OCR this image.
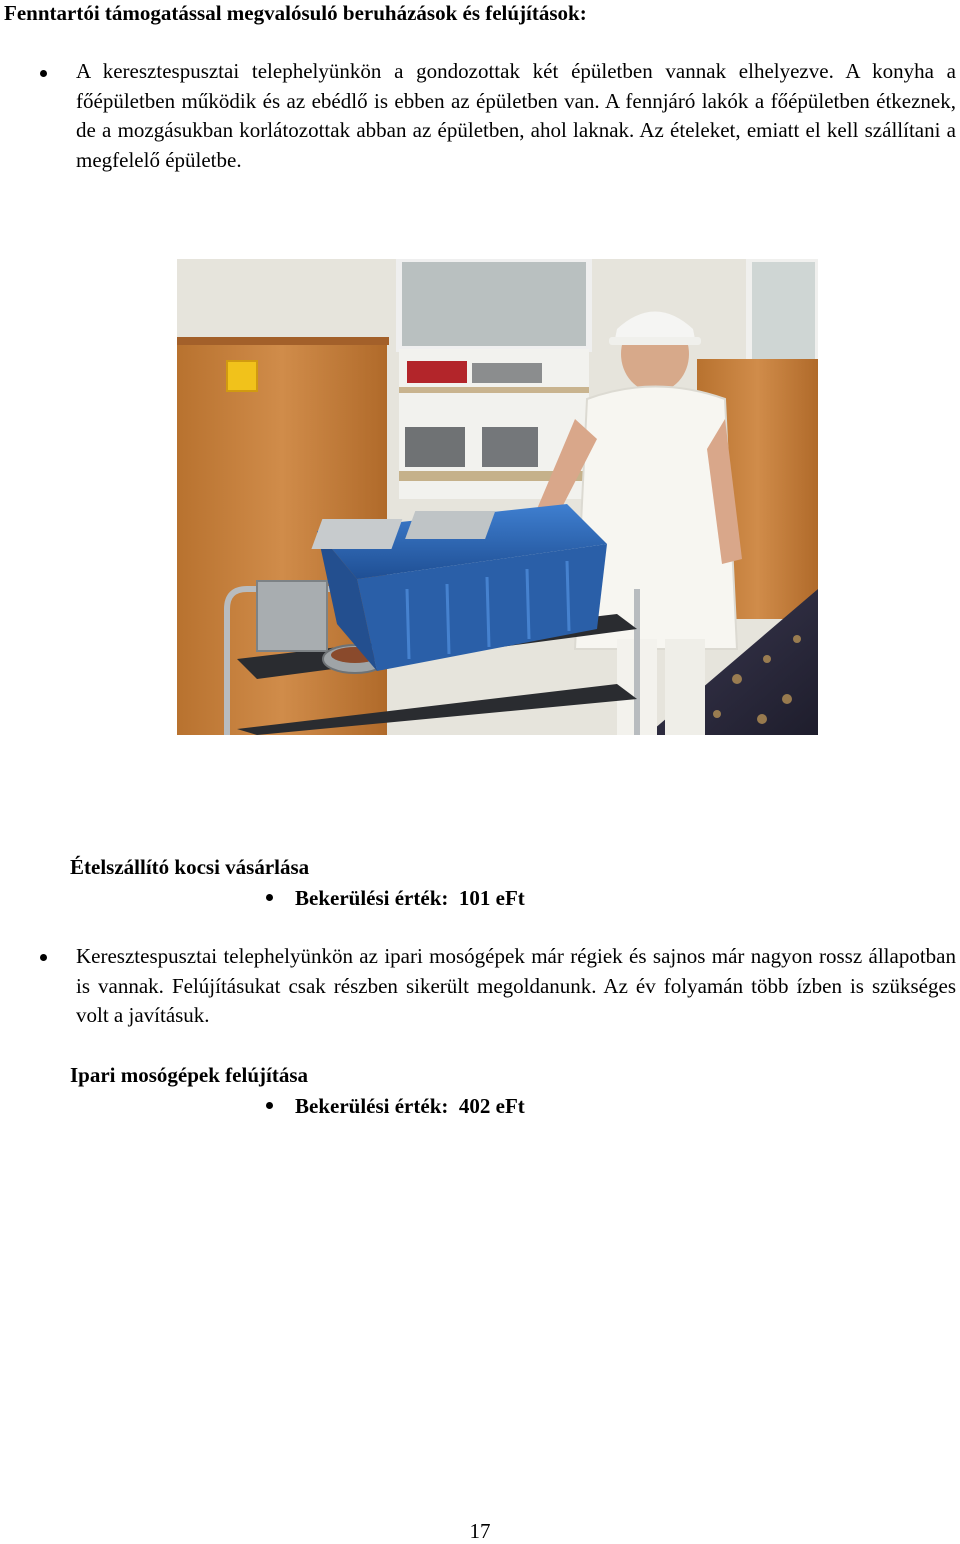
Fenntartói támogatással megvalósuló beruházások és felújítások:

A keresztespusztai telephelyünkön a gondozottak két épületben vannak elhelyezve. A konyha a főépületben működik és az ebédlő is ebben az épületben van. A fennjáró lakók a főépületben étkeznek, de a mozgásukban korlátozottak abban az épületben, ahol laknak. Az ételeket, emiatt el kell szállítani a megfelelő épületbe.

Ételszállító kocsi vásárlása
Bekerülési érték: 101 eFt

Keresztespusztai telephelyünkön az ipari mosógépek már régiek és sajnos már nagyon rossz állapotban is vannak. Felújításukat csak részben sikerült megoldanunk. Az év folyamán több ízben is szükséges volt a javításuk.

Ipari mosógépek felújítása
Bekerülési érték: 402 eFt
17
